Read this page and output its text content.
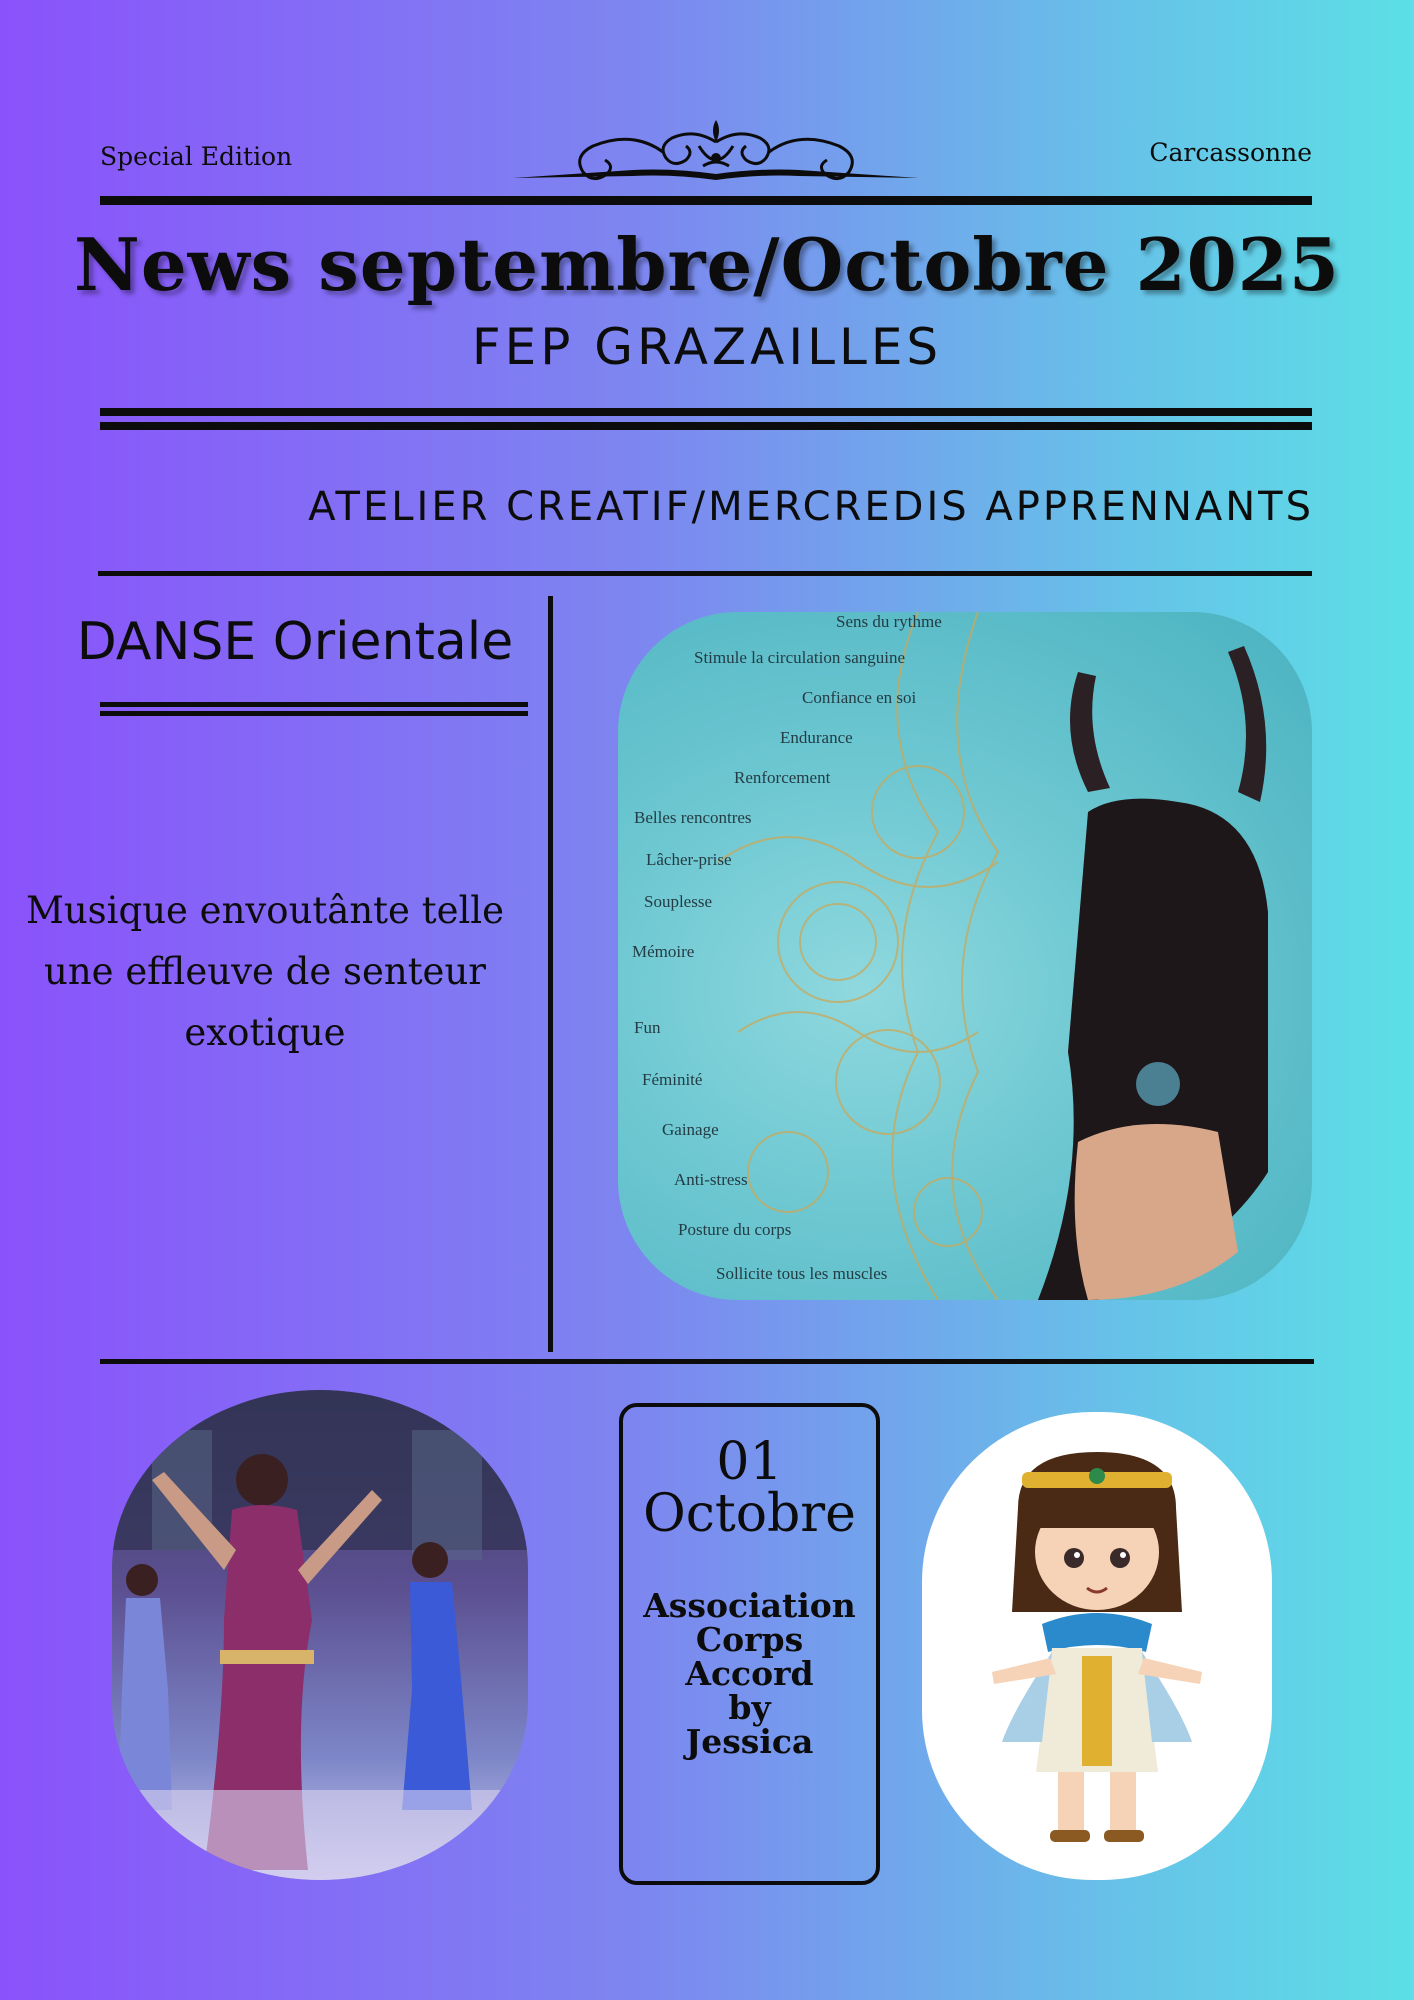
Special Edition	Carcassonne
News septembre/Octobre 2025
FEP GRAZAILLES
ATELIER CREATIF/MERCREDIS APPRENNANTS
DANSE Orientale
Musique envoutânte telle
une effleuve de senteur
exotique
Sens du rythme
Stimule la circulation sanguine
Confiance en soi
Endurance
Renforcement
Belles rencontres
Lâcher-prise
Souplesse
Mémoire
Fun
Féminité
Gainage
Anti-stress
Posture du corps
Sollicite tous les muscles
01
Octobre
Association
Corps
Accord
by
Jessica
